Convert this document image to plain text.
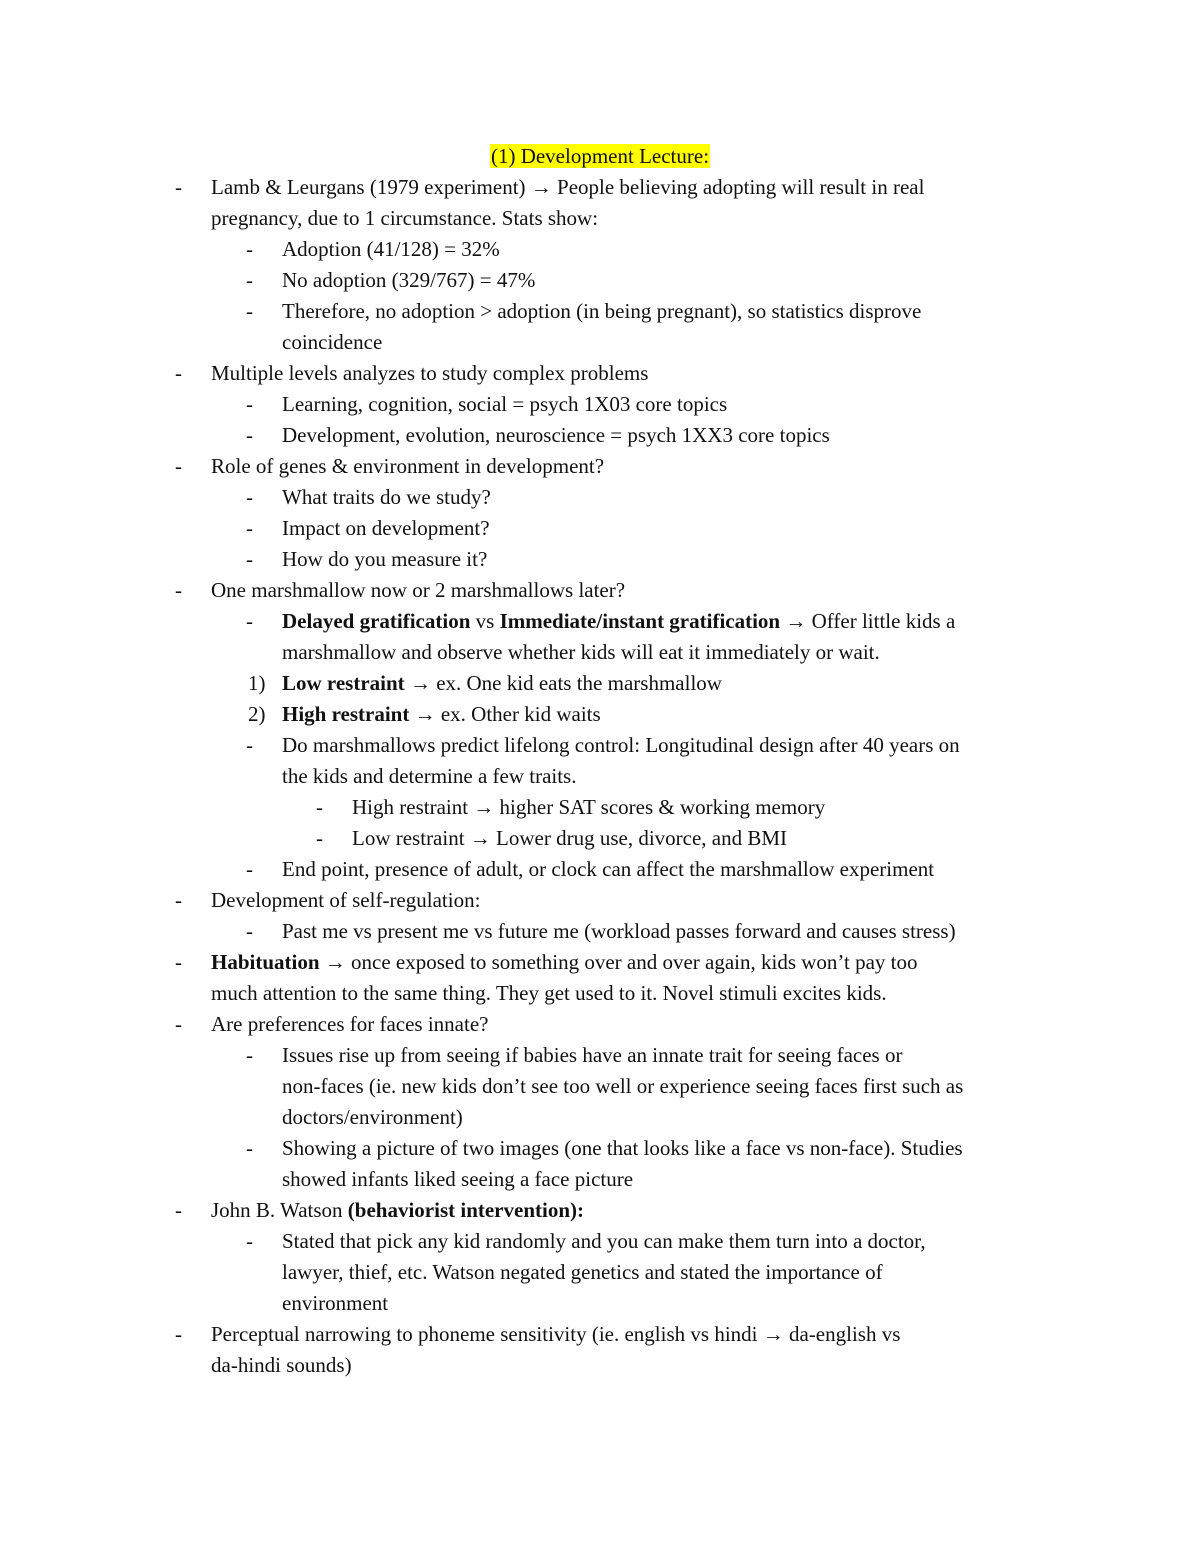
(1) Development Lecture:
- Lamb & Leurgans (1979 experiment) → People believing adopting will result in real
pregnancy, due to 1 circumstance. Stats show:
- Adoption (41/128) = 32%
- No adoption (329/767) = 47%
- Therefore, no adoption > adoption (in being pregnant), so statistics disprove
coincidence
- Multiple levels analyzes to study complex problems
- Learning, cognition, social = psych 1X03 core topics
- Development, evolution, neuroscience = psych 1XX3 core topics
- Role of genes & environment in development?
- What traits do we study?
- Impact on development?
- How do you measure it?
- One marshmallow now or 2 marshmallows later?
- Delayed gratification vs Immediate/instant gratification → Offer little kids a
marshmallow and observe whether kids will eat it immediately or wait.
1) Low restraint → ex. One kid eats the marshmallow
2) High restraint → ex. Other kid waits
- Do marshmallows predict lifelong control: Longitudinal design after 40 years on
the kids and determine a few traits.
- High restraint → higher SAT scores & working memory
- Low restraint → Lower drug use, divorce, and BMI
- End point, presence of adult, or clock can affect the marshmallow experiment
- Development of self-regulation:
- Past me vs present me vs future me (workload passes forward and causes stress)
- Habituation → once exposed to something over and over again, kids won’t pay too
much attention to the same thing. They get used to it. Novel stimuli excites kids.
- Are preferences for faces innate?
- Issues rise up from seeing if babies have an innate trait for seeing faces or
non-faces (ie. new kids don’t see too well or experience seeing faces first such as
doctors/environment)
- Showing a picture of two images (one that looks like a face vs non-face). Studies
showed infants liked seeing a face picture
- John B. Watson (behaviorist intervention):
- Stated that pick any kid randomly and you can make them turn into a doctor,
lawyer, thief, etc. Watson negated genetics and stated the importance of
environment
- Perceptual narrowing to phoneme sensitivity (ie. english vs hindi → da-english vs
da-hindi sounds)
